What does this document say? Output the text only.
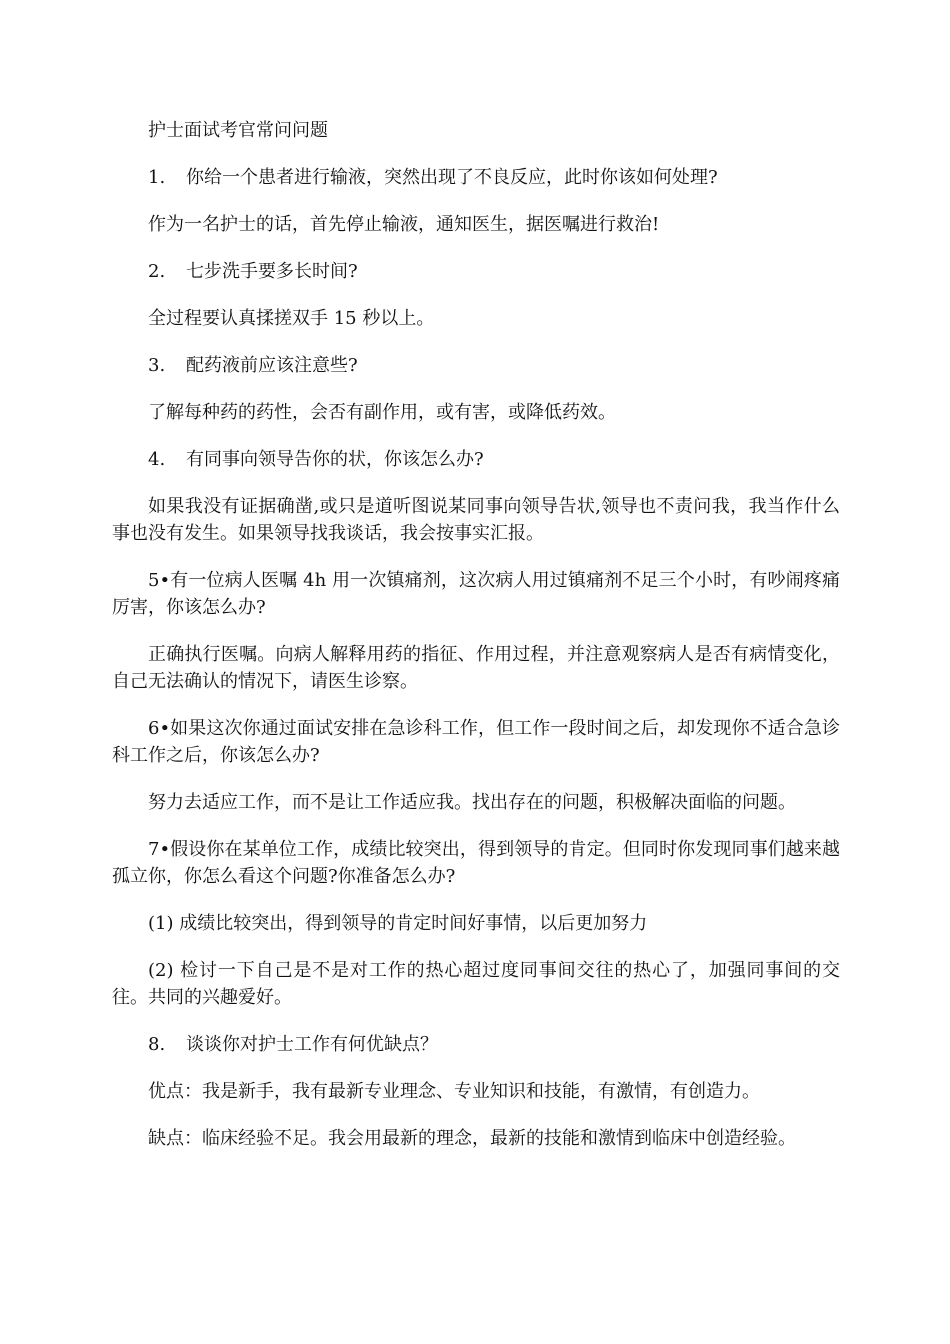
护士面试考官常问问题

1. 你给一个患者进行输液，突然出现了不良反应，此时你该如何处理?

作为一名护士的话，首先停止输液，通知医生，据医嘱进行救治!

2. 七步洗手要多长时间?

全过程要认真揉搓双手 15 秒以上。

3. 配药液前应该注意些?

了解每种药的药性，会否有副作用，或有害，或降低药效。

4. 有同事向领导告你的状，你该怎么办?

如果我没有证据确凿,或只是道听图说某同事向领导告状,领导也不责问我，我当作什么事也没有发生。如果领导找我谈话，我会按事实汇报。

5•有一位病人医嘱 4h 用一次镇痛剂，这次病人用过镇痛剂不足三个小时，有吵闹疼痛厉害，你该怎么办?

正确执行医嘱。向病人解释用药的指征、作用过程，并注意观察病人是否有病情变化，自己无法确认的情况下，请医生诊察。

6•如果这次你通过面试安排在急诊科工作，但工作一段时间之后，却发现你不适合急诊科工作之后，你该怎么办?

努力去适应工作，而不是让工作适应我。找出存在的问题，积极解决面临的问题。

7•假设你在某单位工作，成绩比较突出，得到领导的肯定。但同时你发现同事们越来越孤立你，你怎么看这个问题?你准备怎么办?

(1) 成绩比较突出，得到领导的肯定时间好事情，以后更加努力

(2) 检讨一下自己是不是对工作的热心超过度同事间交往的热心了，加强同事间的交往。共同的兴趣爱好。

8. 谈谈你对护士工作有何优缺点？

优点：我是新手，我有最新专业理念、专业知识和技能，有激情，有创造力。

缺点：临床经验不足。我会用最新的理念，最新的技能和激情到临床中创造经验。
